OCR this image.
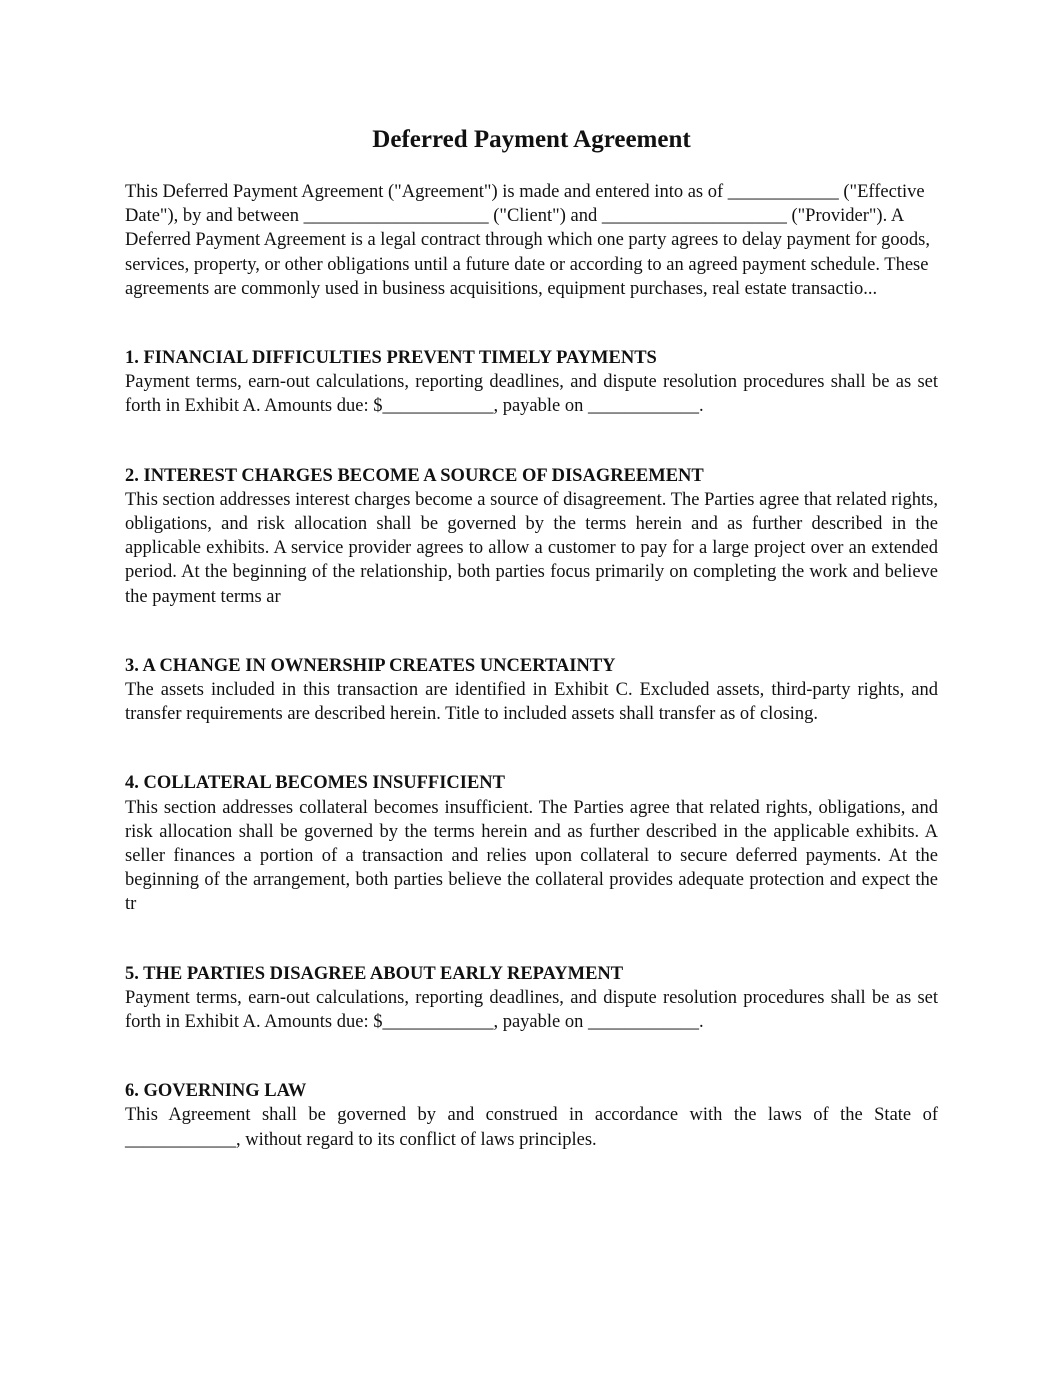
Deferred Payment Agreement

This Deferred Payment Agreement ("Agreement") is made and entered into as of ____________ ("Effective Date"), by and between ____________________ ("Client") and ____________________ ("Provider"). A Deferred Payment Agreement is a legal contract through which one party agrees to delay payment for goods, services, property, or other obligations until a future date or according to an agreed payment schedule. These agreements are commonly used in business acquisitions, equipment purchases, real estate transactio...

1. FINANCIAL DIFFICULTIES PREVENT TIMELY PAYMENTS

Payment terms, earn-out calculations, reporting deadlines, and dispute resolution procedures shall be as set forth in Exhibit A. Amounts due: $____________, payable on ____________.

2. INTEREST CHARGES BECOME A SOURCE OF DISAGREEMENT

This section addresses interest charges become a source of disagreement. The Parties agree that related rights, obligations, and risk allocation shall be governed by the terms herein and as further described in the applicable exhibits. A service provider agrees to allow a customer to pay for a large project over an extended period. At the beginning of the relationship, both parties focus primarily on completing the work and believe the payment terms ar

3. A CHANGE IN OWNERSHIP CREATES UNCERTAINTY

The assets included in this transaction are identified in Exhibit C. Excluded assets, third-party rights, and transfer requirements are described herein. Title to included assets shall transfer as of closing.

4. COLLATERAL BECOMES INSUFFICIENT

This section addresses collateral becomes insufficient. The Parties agree that related rights, obligations, and risk allocation shall be governed by the terms herein and as further described in the applicable exhibits. A seller finances a portion of a transaction and relies upon collateral to secure deferred payments. At the beginning of the arrangement, both parties believe the collateral provides adequate protection and expect the tr

5. THE PARTIES DISAGREE ABOUT EARLY REPAYMENT

Payment terms, earn-out calculations, reporting deadlines, and dispute resolution procedures shall be as set forth in Exhibit A. Amounts due: $____________, payable on ____________.

6. GOVERNING LAW

This Agreement shall be governed by and construed in accordance with the laws of the State of ____________, without regard to its conflict of laws principles.
